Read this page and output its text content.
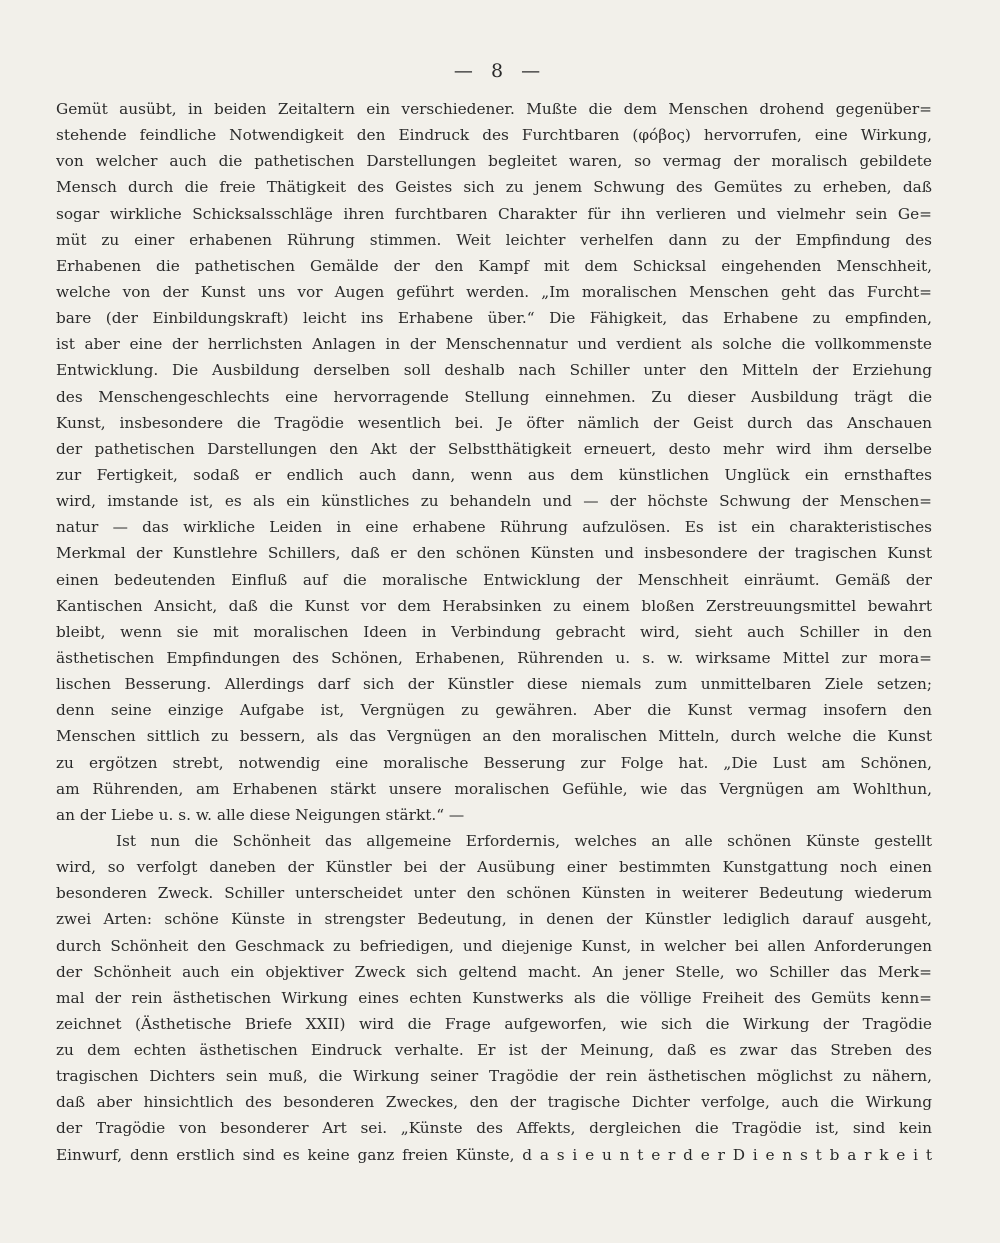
— 8 —
Gemüt ausübt, in beiden Zeitaltern ein verschiedener. Mußte die dem Menschen drohend gegenüber=
stehende feindliche Notwendigkeit den Eindruck des Furchtbaren (φόβος) hervorrufen, eine Wirkung,
von welcher auch die pathetischen Darstellungen begleitet waren, so vermag der moralisch gebildete
Mensch durch die freie Thätigkeit des Geistes sich zu jenem Schwung des Gemütes zu erheben, daß
sogar wirkliche Schicksalsschläge ihren furchtbaren Charakter für ihn verlieren und vielmehr sein Ge=
müt zu einer erhabenen Rührung stimmen. Weit leichter verhelfen dann zu der Empfindung des
Erhabenen die pathetischen Gemälde der den Kampf mit dem Schicksal eingehenden Menschheit,
welche von der Kunst uns vor Augen geführt werden. „Im moralischen Menschen geht das Furcht=
bare (der Einbildungskraft) leicht ins Erhabene über.“ Die Fähigkeit, das Erhabene zu empfinden,
ist aber eine der herrlichsten Anlagen in der Menschennatur und verdient als solche die vollkommenste
Entwicklung. Die Ausbildung derselben soll deshalb nach Schiller unter den Mitteln der Erziehung
des Menschengeschlechts eine hervorragende Stellung einnehmen. Zu dieser Ausbildung trägt die
Kunst, insbesondere die Tragödie wesentlich bei. Je öfter nämlich der Geist durch das Anschauen
der pathetischen Darstellungen den Akt der Selbstthätigkeit erneuert, desto mehr wird ihm derselbe
zur Fertigkeit, sodaß er endlich auch dann, wenn aus dem künstlichen Unglück ein ernsthaftes
wird, imstande ist, es als ein künstliches zu behandeln und — der höchste Schwung der Menschen=
natur — das wirkliche Leiden in eine erhabene Rührung aufzulösen. Es ist ein charakteristisches
Merkmal der Kunstlehre Schillers, daß er den schönen Künsten und insbesondere der tragischen Kunst
einen bedeutenden Einfluß auf die moralische Entwicklung der Menschheit einräumt. Gemäß der
Kantischen Ansicht, daß die Kunst vor dem Herabsinken zu einem bloßen Zerstreuungsmittel bewahrt
bleibt, wenn sie mit moralischen Ideen in Verbindung gebracht wird, sieht auch Schiller in den
ästhetischen Empfindungen des Schönen, Erhabenen, Rührenden u. s. w. wirksame Mittel zur mora=
lischen Besserung. Allerdings darf sich der Künstler diese niemals zum unmittelbaren Ziele setzen;
denn seine einzige Aufgabe ist, Vergnügen zu gewähren. Aber die Kunst vermag insofern den
Menschen sittlich zu bessern, als das Vergnügen an den moralischen Mitteln, durch welche die Kunst
zu ergötzen strebt, notwendig eine moralische Besserung zur Folge hat. „Die Lust am Schönen,
am Rührenden, am Erhabenen stärkt unsere moralischen Gefühle, wie das Vergnügen am Wohlthun,
an der Liebe u. s. w. alle diese Neigungen stärkt.“ —
Ist nun die Schönheit das allgemeine Erfordernis, welches an alle schönen Künste gestellt
wird, so verfolgt daneben der Künstler bei der Ausübung einer bestimmten Kunstgattung noch einen
besonderen Zweck. Schiller unterscheidet unter den schönen Künsten in weiterer Bedeutung wiederum
zwei Arten: schöne Künste in strengster Bedeutung, in denen der Künstler lediglich darauf ausgeht,
durch Schönheit den Geschmack zu befriedigen, und diejenige Kunst, in welcher bei allen Anforderungen
der Schönheit auch ein objektiver Zweck sich geltend macht. An jener Stelle, wo Schiller das Merk=
mal der rein ästhetischen Wirkung eines echten Kunstwerks als die völlige Freiheit des Gemüts kenn=
zeichnet (Ästhetische Briefe XXII) wird die Frage aufgeworfen, wie sich die Wirkung der Tragödie
zu dem echten ästhetischen Eindruck verhalte. Er ist der Meinung, daß es zwar das Streben des
tragischen Dichters sein muß, die Wirkung seiner Tragödie der rein ästhetischen möglichst zu nähern,
daß aber hinsichtlich des besonderen Zweckes, den der tragische Dichter verfolge, auch die Wirkung
der Tragödie von besonderer Art sei. „Künste des Affekts, dergleichen die Tragödie ist, sind kein
Einwurf, denn erstlich sind es keine ganz freien Künste, d a s i e u n t e r d e r D i e n s t b a r k e i t
